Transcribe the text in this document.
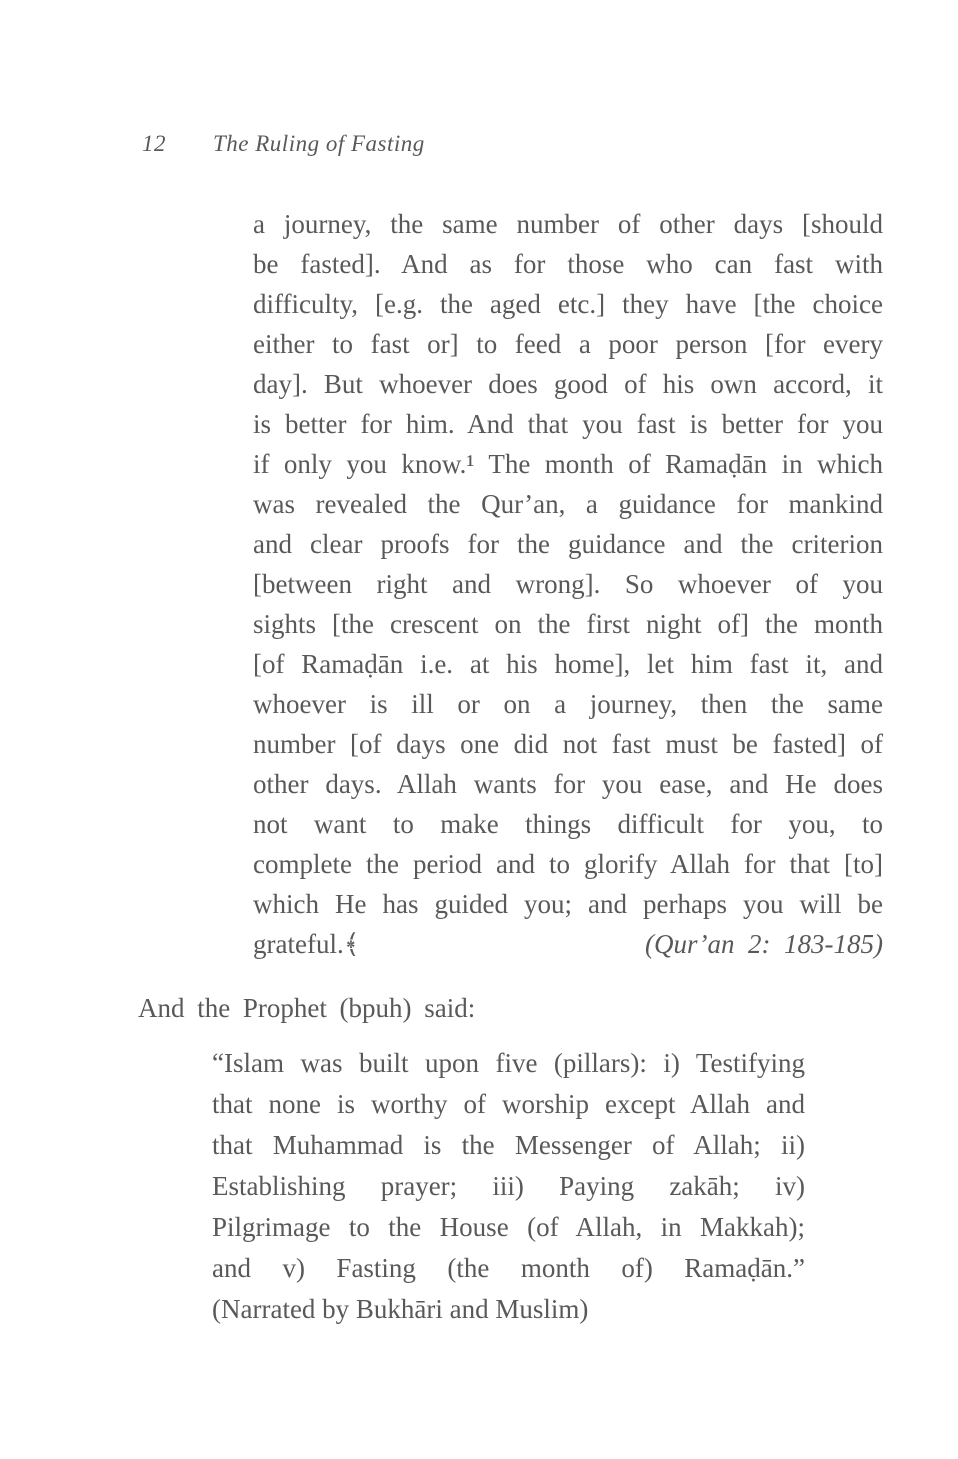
12 The Ruling of Fasting
a journey, the same number of other days [should
be fasted]. And as for those who can fast with
difficulty, [e.g. the aged etc.] they have [the choice
either to fast or] to feed a poor person [for every
day]. But whoever does good of his own accord, it
is better for him. And that you fast is better for you
if only you know.¹ The month of Ramaḍān in which
was revealed the Qur’an, a guidance for mankind
and clear proofs for the guidance and the criterion
[between right and wrong]. So whoever of you
sights [the crescent on the first night of] the month
[of Ramaḍān i.e. at his home], let him fast it, and
whoever is ill or on a journey, then the same
number [of days one did not fast must be fasted] of
other days. Allah wants for you ease, and He does
not want to make things difficult for you, to
complete the period and to glorify Allah for that [to]
which He has guided you; and perhaps you will be
grateful.﴾	(Qur’an 2: 183-185)

And the Prophet (bpuh) said:

“Islam was built upon five (pillars): i) Testifying
that none is worthy of worship except Allah and
that Muhammad is the Messenger of Allah; ii)
Establishing prayer; iii) Paying zakāh; iv)
Pilgrimage to the House (of Allah, in Makkah);
and v) Fasting (the month of) Ramaḍān.”
(Narrated by Bukhāri and Muslim)
